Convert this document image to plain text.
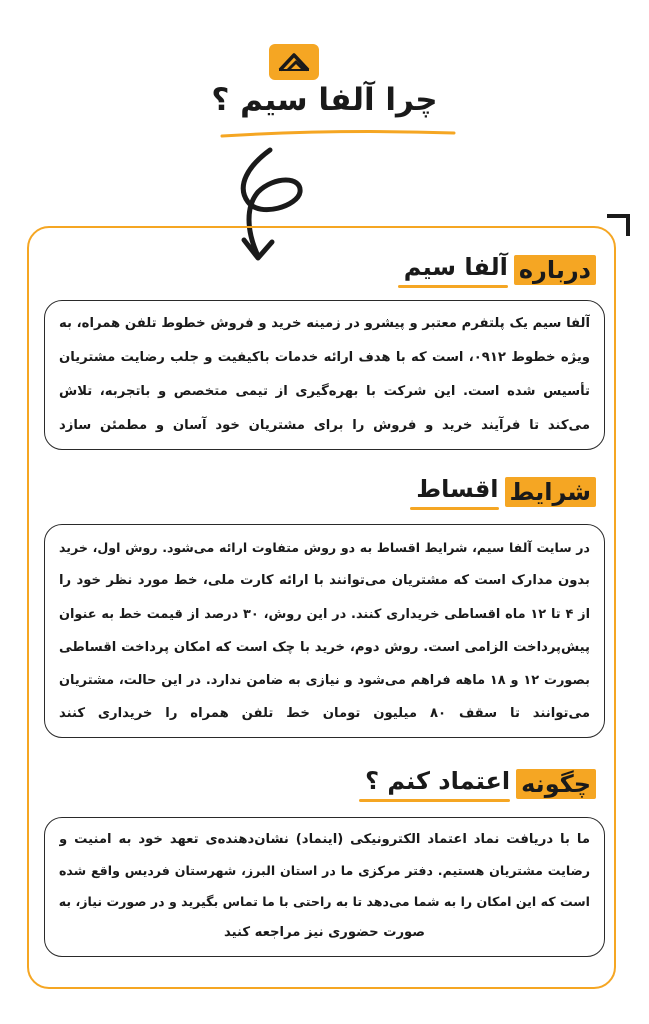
چرا آلفا سیم ؟
درباره
آلفا سیم

آلفا سیم یک پلتفرم معتبر و پیشرو در زمینه خرید و فروش خطوط تلفن همراه، به

ویژه خطوط ۰۹۱۲، است که با هدف ارائه خدمات باکیفیت و جلب رضایت مشتریان

تأسیس شده است. این شرکت با بهره‌گیری از تیمی متخصص و باتجربه، تلاش

می‌کند تا فرآیند خرید و فروش را برای مشتریان خود آسان و مطمئن سازد

شرایط
اقساط

در سایت آلفا سیم، شرایط اقساط به دو روش متفاوت ارائه می‌شود. روش اول، خرید

بدون مدارک است که مشتریان می‌توانند با ارائه کارت ملی، خط مورد نظر خود را

از ۴ تا ۱۲ ماه اقساطی خریداری کنند. در این روش، ۳۰ درصد از قیمت خط به عنوان

پیش‌پرداخت الزامی است. روش دوم، خرید با چک است که امکان پرداخت اقساطی

بصورت ۱۲ و ۱۸ ماهه فراهم می‌شود و نیازی به ضامن ندارد. در این حالت، مشتریان

می‌توانند تا سقف ۸۰ میلیون تومان خط تلفن همراه را خریداری کنند

چگونه
اعتماد کنم ؟

ما با دریافت نماد اعتماد الکترونیکی (اینماد) نشان‌دهنده‌ی تعهد خود به امنیت و

رضایت مشتریان هستیم. دفتر مرکزی ما در استان البرز، شهرستان فردیس واقع شده

است که این امکان را به شما می‌دهد تا به راحتی با ما تماس بگیرید و در صورت نیاز، به

صورت حضوری نیز مراجعه کنید
